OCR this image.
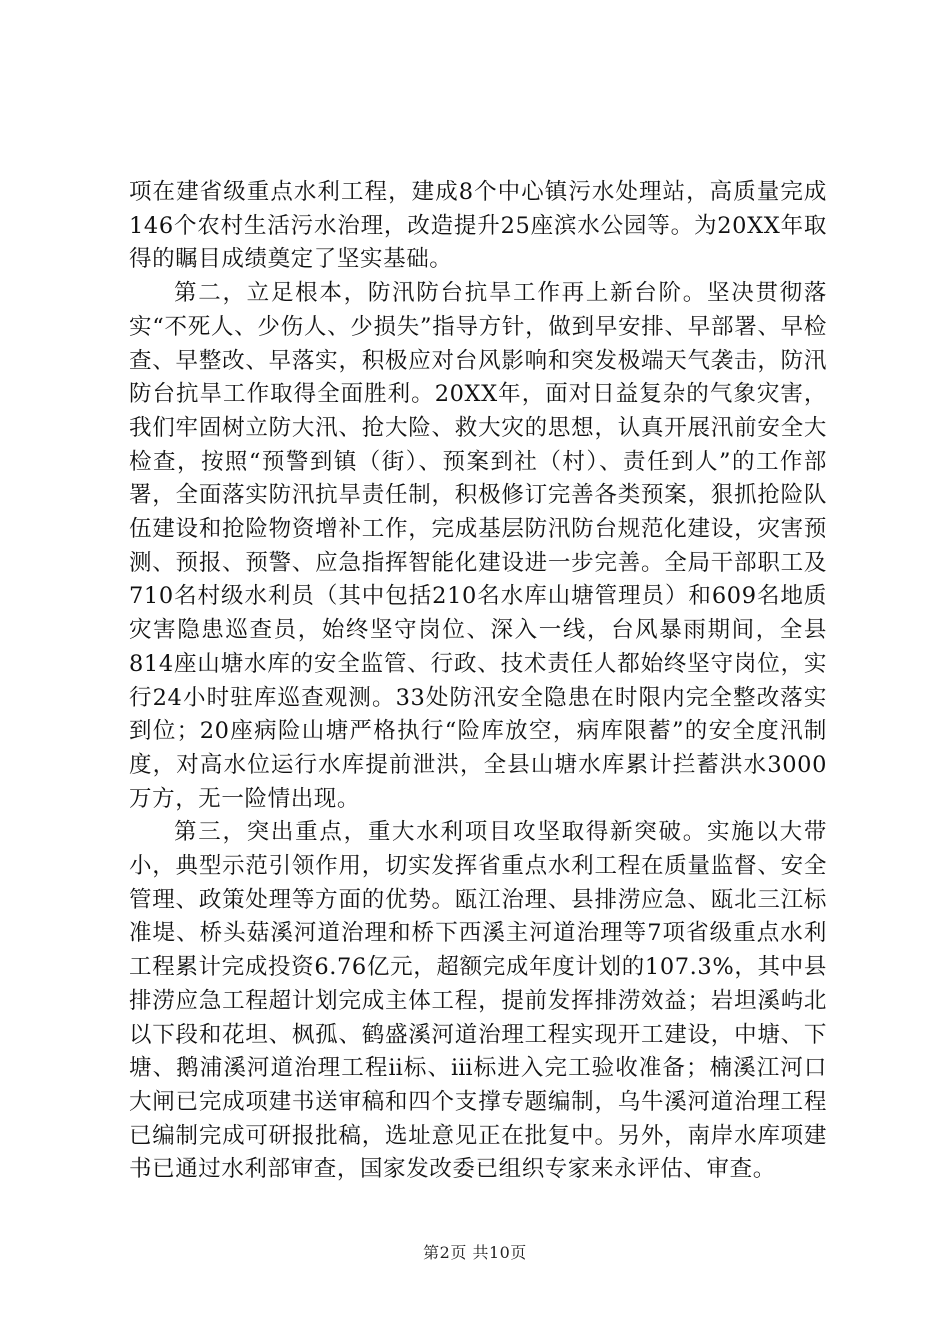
项在建省级重点水利工程，建成8个中心镇污水处理站，高质量完成146个农村生活污水治理，改造提升25座滨水公园等。为20XX年取得的瞩目成绩奠定了坚实基础。

第二，立足根本，防汛防台抗旱工作再上新台阶。坚决贯彻落实“不死人、少伤人、少损失”指导方针，做到早安排、早部署、早检查、早整改、早落实，积极应对台风影响和突发极端天气袭击，防汛防台抗旱工作取得全面胜利。20XX年，面对日益复杂的气象灾害，我们牢固树立防大汛、抢大险、救大灾的思想，认真开展汛前安全大检查，按照“预警到镇（街）、预案到社（村）、责任到人”的工作部署，全面落实防汛抗旱责任制，积极修订完善各类预案，狠抓抢险队伍建设和抢险物资增补工作，完成基层防汛防台规范化建设，灾害预测、预报、预警、应急指挥智能化建设进一步完善。全局干部职工及710名村级水利员（其中包括210名水库山塘管理员）和609名地质灾害隐患巡查员，始终坚守岗位、深入一线，台风暴雨期间，全县814座山塘水库的安全监管、行政、技术责任人都始终坚守岗位，实行24小时驻库巡查观测。33处防汛安全隐患在时限内完全整改落实到位；20座病险山塘严格执行“险库放空，病库限蓄”的安全度汛制度，对高水位运行水库提前泄洪，全县山塘水库累计拦蓄洪水3000万方，无一险情出现。

第三，突出重点，重大水利项目攻坚取得新突破。实施以大带小，典型示范引领作用，切实发挥省重点水利工程在质量监督、安全管理、政策处理等方面的优势。瓯江治理、县排涝应急、瓯北三江标准堤、桥头菇溪河道治理和桥下西溪主河道治理等7项省级重点水利工程累计完成投资6.76亿元，超额完成年度计划的107.3%，其中县排涝应急工程超计划完成主体工程，提前发挥排涝效益；岩坦溪屿北以下段和花坦、枫孤、鹤盛溪河道治理工程实现开工建设，中塘、下塘、鹅浦溪河道治理工程ⅱ标、ⅲ标进入完工验收准备；楠溪江河口大闸已完成项建书送审稿和四个支撑专题编制，乌牛溪河道治理工程已编制完成可研报批稿，选址意见正在批复中。另外，南岸水库项建书已通过水利部审查，国家发改委已组织专家来永评估、审查。

第2页 共10页
